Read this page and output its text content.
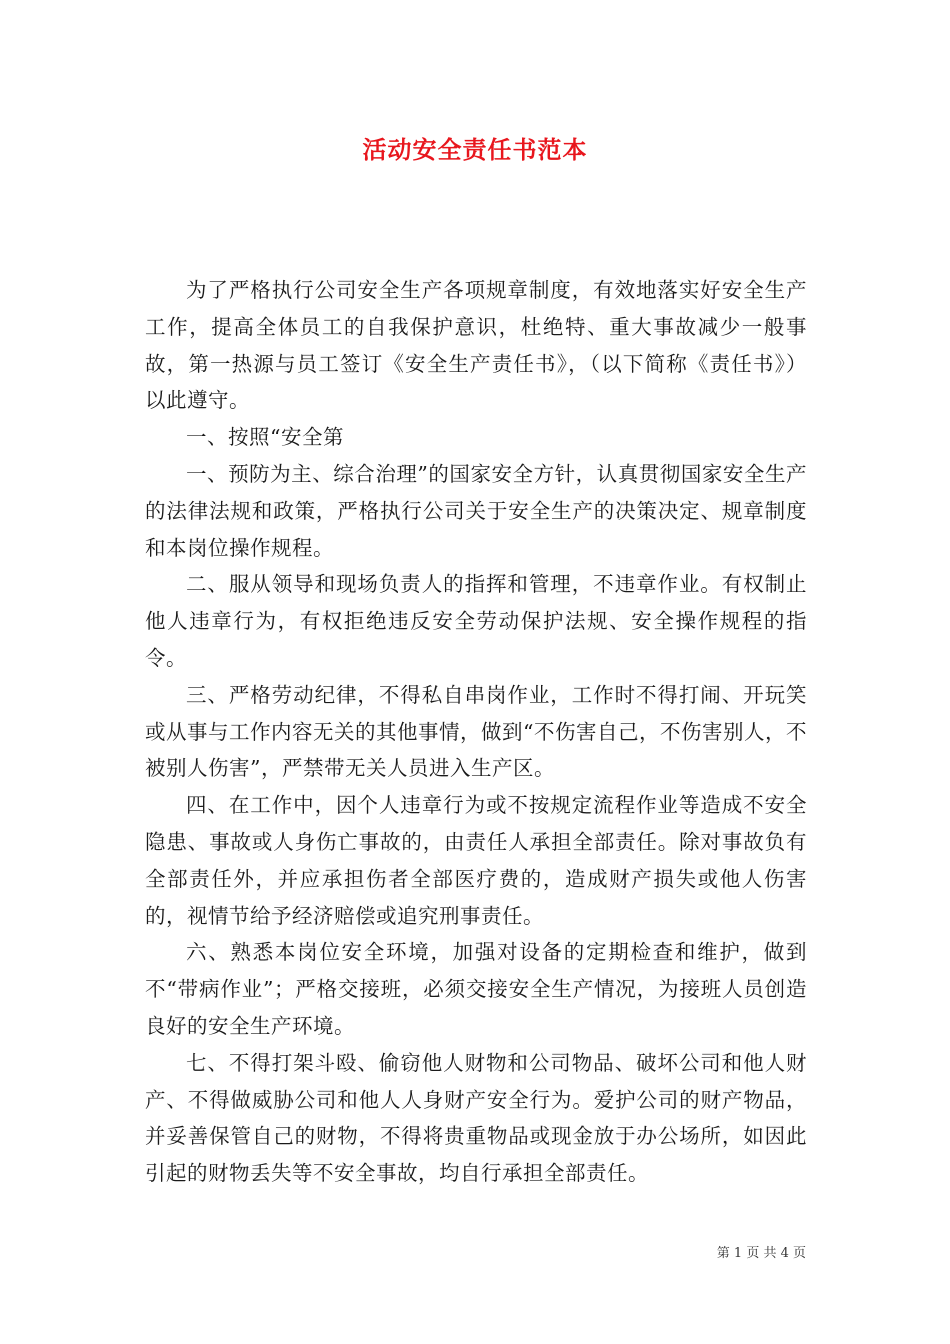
活动安全责任书范本

为了严格执行公司安全生产各项规章制度，有效地落实好安全生产工作，提高全体员工的自我保护意识，杜绝特、重大事故减少一般事故，第一热源与员工签订《安全生产责任书》，（以下简称《责任书》）以此遵守。

一、按照“安全第

一、预防为主、综合治理”的国家安全方针，认真贯彻国家安全生产的法律法规和政策，严格执行公司关于安全生产的决策决定、规章制度和本岗位操作规程。

二、服从领导和现场负责人的指挥和管理，不违章作业。有权制止他人违章行为，有权拒绝违反安全劳动保护法规、安全操作规程的指令。

三、严格劳动纪律，不得私自串岗作业，工作时不得打闹、开玩笑或从事与工作内容无关的其他事情，做到“不伤害自己，不伤害别人，不被别人伤害”，严禁带无关人员进入生产区。

四、在工作中，因个人违章行为或不按规定流程作业等造成不安全隐患、事故或人身伤亡事故的，由责任人承担全部责任。除对事故负有全部责任外，并应承担伤者全部医疗费的，造成财产损失或他人伤害的，视情节给予经济赔偿或追究刑事责任。

六、熟悉本岗位安全环境，加强对设备的定期检查和维护，做到不“带病作业”；严格交接班，必须交接安全生产情况，为接班人员创造良好的安全生产环境。

七、不得打架斗殴、偷窃他人财物和公司物品、破坏公司和他人财产、不得做威胁公司和他人人身财产安全行为。爱护公司的财产物品，并妥善保管自己的财物，不得将贵重物品或现金放于办公场所，如因此引起的财物丢失等不安全事故，均自行承担全部责任。

第 1 页 共 4 页
